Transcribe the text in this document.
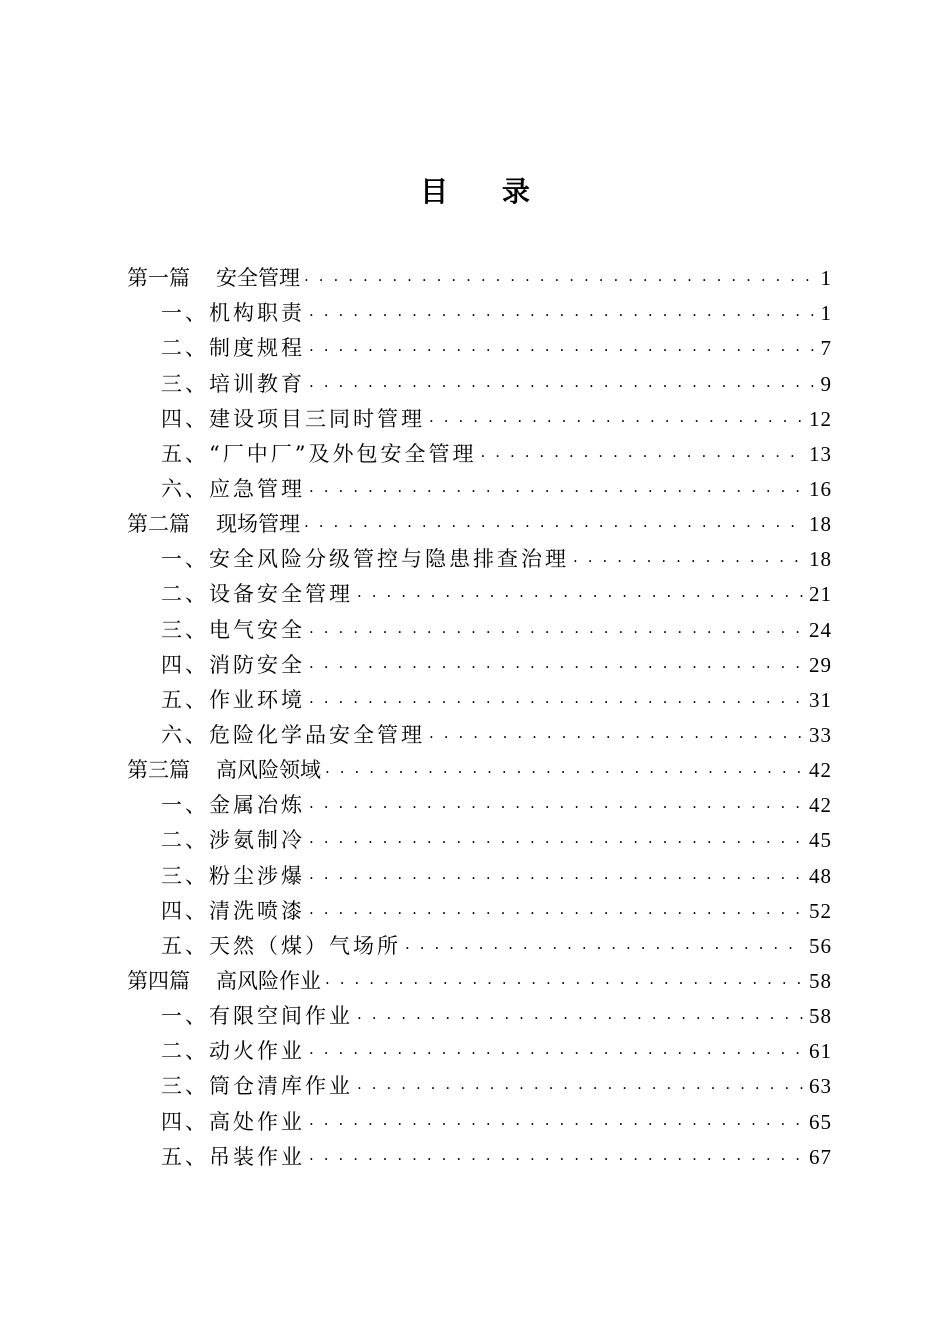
目 录
第一篇 安全管理 . . .	1
一、机构职责 . . .	1
二、制度规程 . . .	7
三、培训教育 . . .	9
四、建设项目三同时管理 . . .	12
五、“厂中厂”及外包安全管理 . . .	13
六、应急管理 . . .	16
第二篇 现场管理 . . .	18
一、安全风险分级管控与隐患排查治理 . . .	18
二、设备安全管理 . . .	21
三、电气安全 . . .	24
四、消防安全 . . .	29
五、作业环境 . . .	31
六、危险化学品安全管理 . . .	33
第三篇 高风险领域 . . .	42
一、金属冶炼 . . .	42
二、涉氨制冷 . . .	45
三、粉尘涉爆 . . .	48
四、清洗喷漆 . . .	52
五、天然（煤）气场所 . . .	56
第四篇 高风险作业 . . .	58
一、有限空间作业 . . .	58
二、动火作业 . . .	61
三、筒仓清库作业 . . .	63
四、高处作业 . . .	65
五、吊装作业 . . .	67
